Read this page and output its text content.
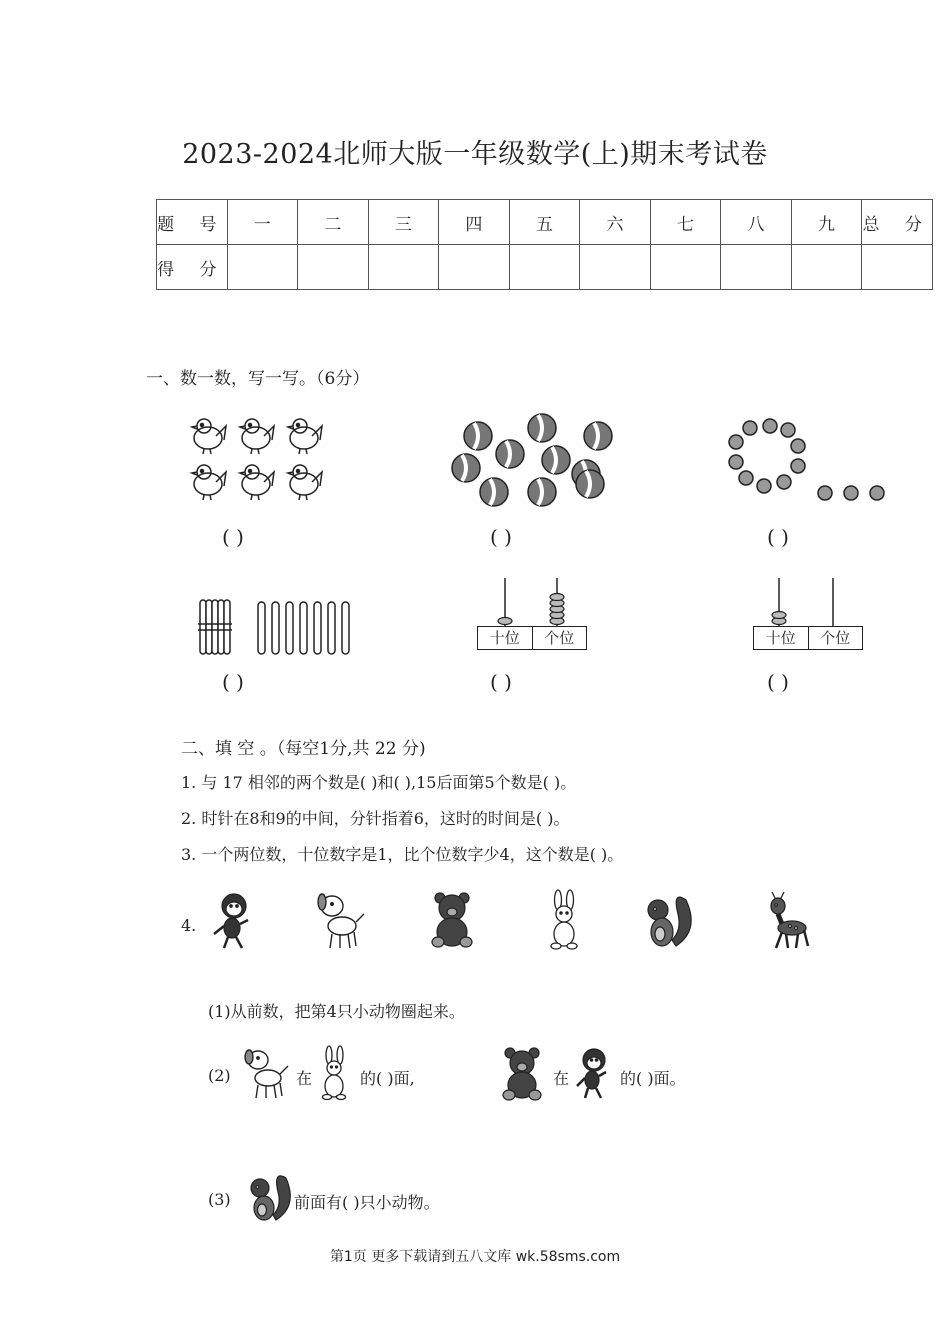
2023-2024北师大版一年级数学(上)期末考试卷
题 号	一	二	三	四	五	六	七	八	九	总 分
得 分										
一、数一数，写一写。（6分）
( )	( )	( )
( )
十位	个位
( )
十位	个位
( )
二、填 空 。（每空1分,共 22 分)
1. 与 17 相邻的两个数是( )和( ),15后面第5个数是( )。
2. 时针在8和9的中间，分针指着6，这时的时间是( )。
3. 一个两位数，十位数字是1，比个位数字少4，这个数是( )。
4.
(1)从前数，把第4只小动物圈起来。
(2)	在	的( )面,	在	的( )面。
(3)	前面有( )只小动物。
第1页 更多下载请到五八文库 wk.58sms.com
